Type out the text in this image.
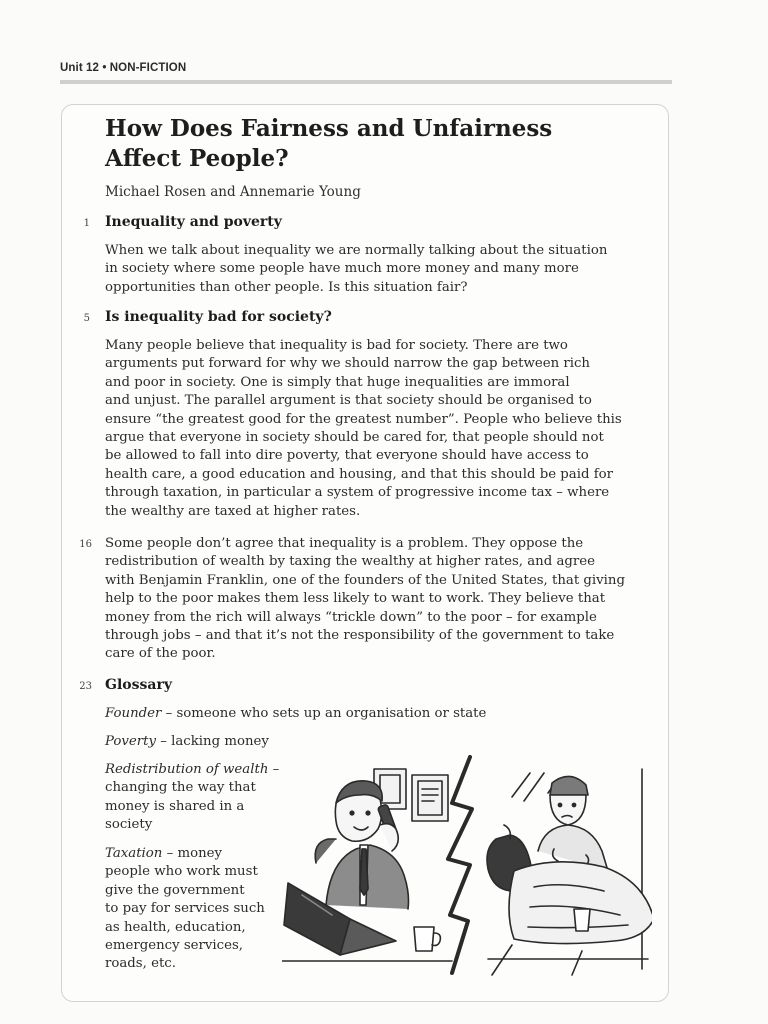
Unit 12 • NON-FICTION
How Does Fairness and Unfairness
Affect People?
Michael Rosen and Annemarie Young
1 Inequality and poverty
When we talk about inequality we are normally talking about the situation
in society where some people have much more money and many more
opportunities than other people. Is this situation fair?
5 Is inequality bad for society?
Many people believe that inequality is bad for society. There are two
arguments put forward for why we should narrow the gap between rich
and poor in society. One is simply that huge inequalities are immoral
and unjust. The parallel argument is that society should be organised to
ensure “the greatest good for the greatest number”. People who believe this
argue that everyone in society should be cared for, that people should not
be allowed to fall into dire poverty, that everyone should have access to
health care, a good education and housing, and that this should be paid for
through taxation, in particular a system of progressive income tax – where
the wealthy are taxed at higher rates.
16 Some people don’t agree that inequality is a problem. They oppose the
redistribution of wealth by taxing the wealthy at higher rates, and agree
with Benjamin Franklin, one of the founders of the United States, that giving
help to the poor makes them less likely to want to work. They believe that
money from the rich will always “trickle down” to the poor – for example
through jobs – and that it’s not the responsibility of the government to take
care of the poor.
23 Glossary
Founder – someone who sets up an organisation or state
Poverty – lacking money
Redistribution of wealth –
changing the way that
money is shared in a
society
Taxation – money
people who work must
give the government
to pay for services such
as health, education,
emergency services,
roads, etc.
